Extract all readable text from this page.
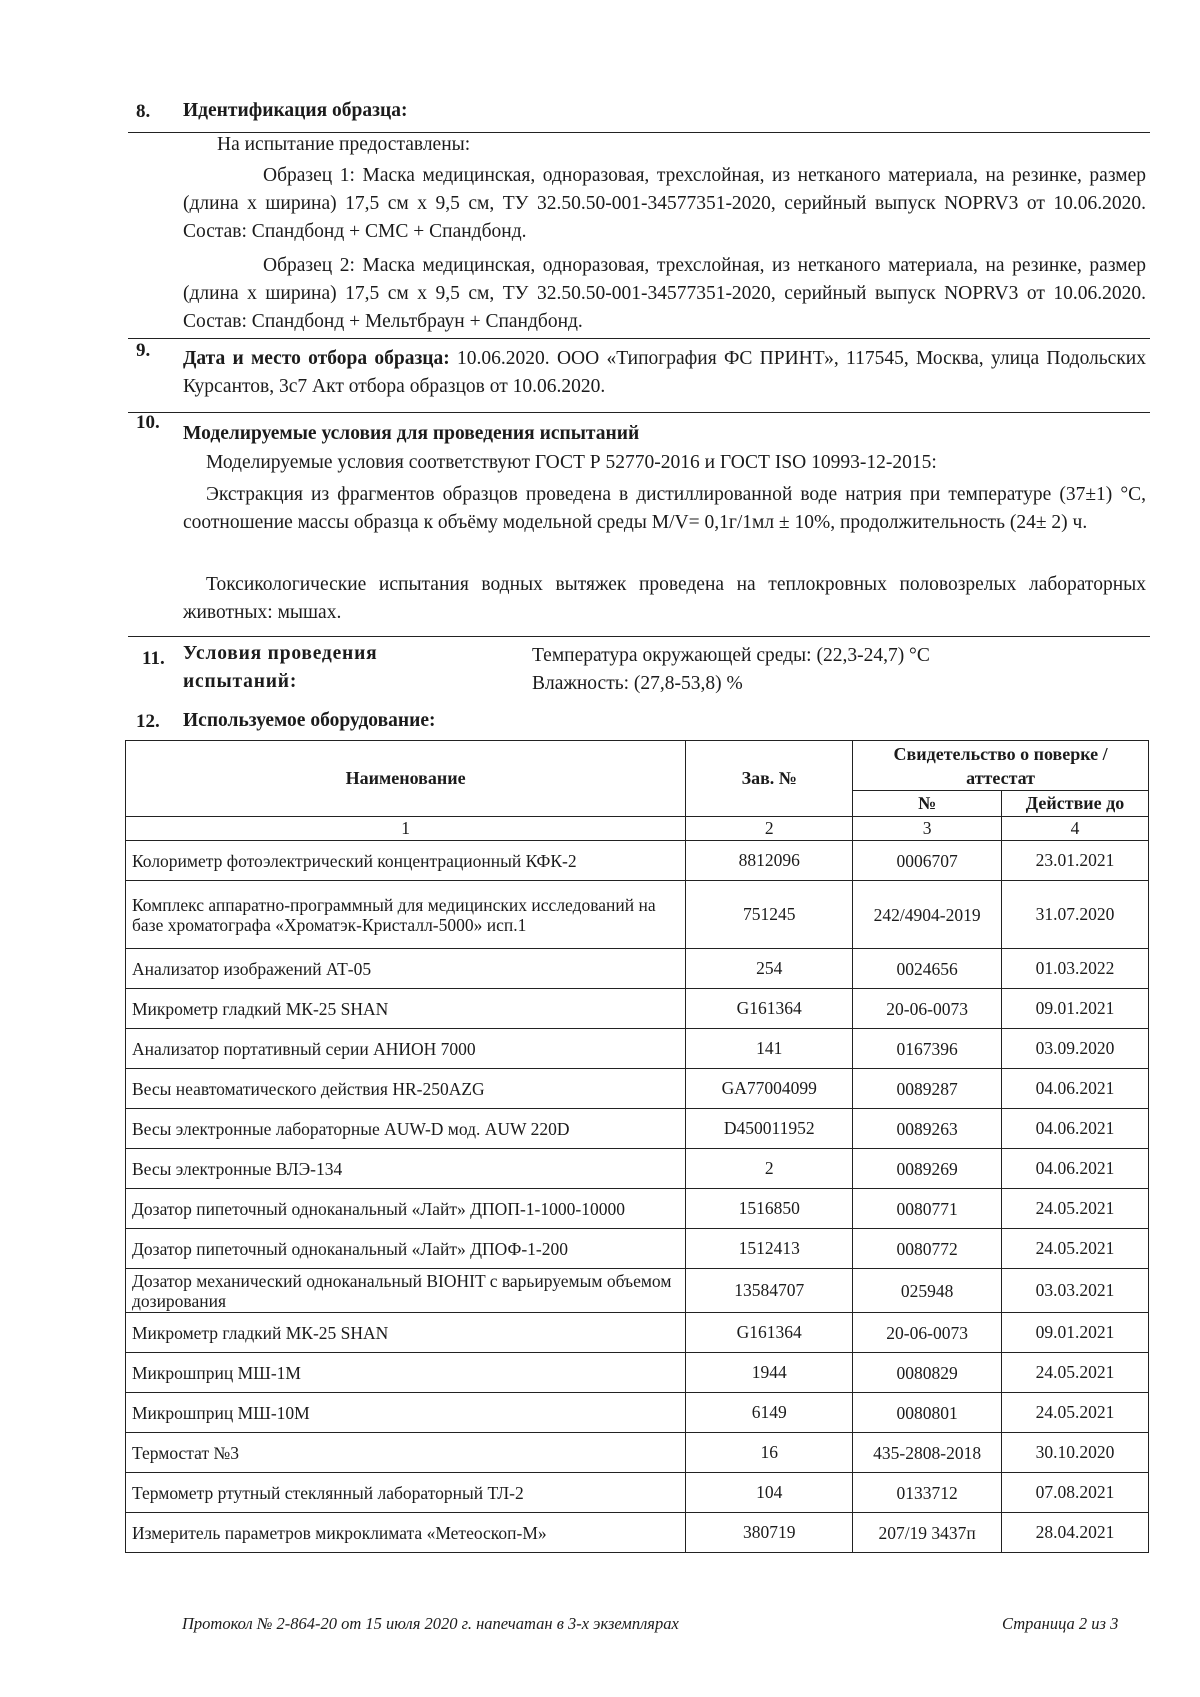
8. Идентификация образца:
На испытание предоставлены:
Образец 1: Маска медицинская, одноразовая, трехслойная, из нетканого материала, на резинке, размер (длина х ширина) 17,5 см х 9,5 см, ТУ 32.50.50-001-34577351-2020, серийный выпуск NOPRV3 от 10.06.2020. Состав: Спандбонд + СМС + Спандбонд.
Образец 2: Маска медицинская, одноразовая, трехслойная, из нетканого материала, на резинке, размер (длина х ширина) 17,5 см х 9,5 см, ТУ 32.50.50-001-34577351-2020, серийный выпуск NOPRV3 от 10.06.2020. Состав: Спандбонд + Мельтбраун + Спандбонд.
9. Дата и место отбора образца: 10.06.2020. ООО «Типография ФС ПРИНТ», 117545, Москва, улица Подольских Курсантов, 3с7 Акт отбора образцов от 10.06.2020.
10.
Моделируемые условия для проведения испытаний
Моделируемые условия соответствуют ГОСТ Р 52770-2016 и ГОСТ ISO 10993-12-2015:
Экстракция из фрагментов образцов проведена в дистиллированной воде натрия при температуре (37±1) °С, соотношение массы образца к объёму модельной среды M/V= 0,1г/1мл ± 10%, продолжительность (24± 2) ч.
Токсикологические испытания водных вытяжек проведена на теплокровных половозрелых лабораторных животных: мышах.
11. Условия проведения
испытаний:
Температура окружающей среды: (22,3-24,7) °С
Влажность: (27,8-53,8) %
12. Используемое оборудование:
Наименование	Зав. №	Свидетельство о поверке / аттестат	
		№	Действие до
1	2	3	4
Колориметр фотоэлектрический концентрационный КФК-2	8812096	0006707	23.01.2021
Комплекс аппаратно-программный для медицинских исследований на базе хроматографа «Хроматэк-Кристалл-5000» исп.1	751245	242/4904-2019	31.07.2020
Анализатор изображений АТ-05	254	0024656	01.03.2022
Микрометр гладкий МК-25 SHAN	G161364	20-06-0073	09.01.2021
Анализатор портативный серии АНИОН 7000	141	0167396	03.09.2020
Весы неавтоматического действия HR-250AZG	GA77004099	0089287	04.06.2021
Весы электронные лабораторные AUW-D мод. AUW 220D	D450011952	0089263	04.06.2021
Весы электронные ВЛЭ-134	2	0089269	04.06.2021
Дозатор пипеточный одноканальный «Лайт» ДПОП-1-1000-10000	1516850	0080771	24.05.2021
Дозатор пипеточный одноканальный «Лайт» ДПОФ-1-200	1512413	0080772	24.05.2021
Дозатор механический одноканальный BIOHIT с варьируемым объемом дозирования	13584707	025948	03.03.2021
Микрометр гладкий МК-25 SHAN	G161364	20-06-0073	09.01.2021
Микрошприц МШ-1М	1944	0080829	24.05.2021
Микрошприц МШ-10М	6149	0080801	24.05.2021
Термостат №3	16	435-2808-2018	30.10.2020
Термометр ртутный стеклянный лабораторный ТЛ-2	104	0133712	07.08.2021
Измеритель параметров микроклимата «Метеоскоп-М»	380719	207/19 3437п	28.04.2021
Протокол № 2-864-20 от 15 июля 2020 г. напечатан в 3-х экземплярах	Страница 2 из 3
